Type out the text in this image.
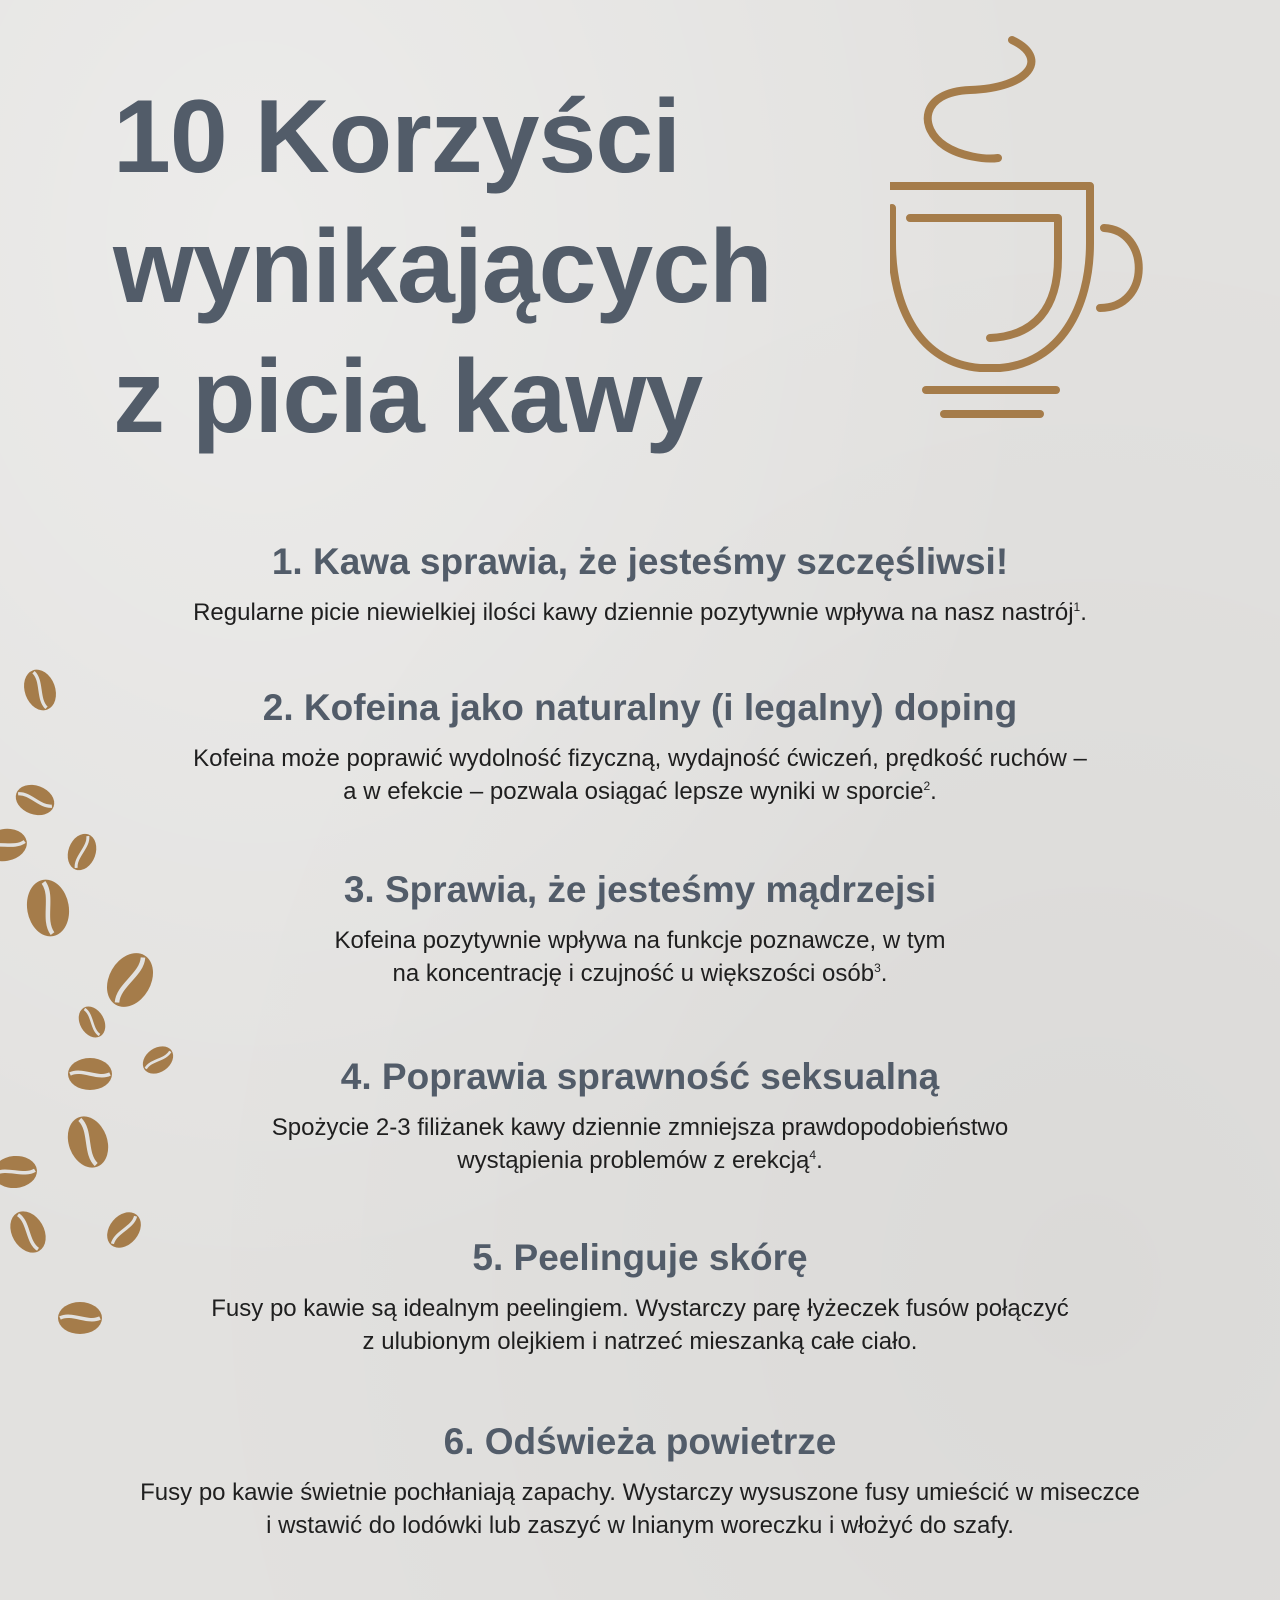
10 Korzyści
wynikających
z picia kawy
1. Kawa sprawia, że jesteśmy szczęśliwsi!

Regularne picie niewielkiej ilości kawy dziennie pozytywnie wpływa na nasz nastrój$^1$.

2. Kofeina jako naturalny (i legalny) doping

Kofeina może poprawić wydolność fizyczną, wydajność ćwiczeń, prędkość ruchów –
a w efekcie – pozwala osiągać lepsze wyniki w sporcie$^2$.

3. Sprawia, że jesteśmy mądrzejsi

Kofeina pozytywnie wpływa na funkcje poznawcze, w tym
na koncentrację i czujność u większości osób$^3$.

4. Poprawia sprawność seksualną

Spożycie 2-3 filiżanek kawy dziennie zmniejsza prawdopodobieństwo
wystąpienia problemów z erekcją$^4$.

5. Peelinguje skórę

Fusy po kawie są idealnym peelingiem. Wystarczy parę łyżeczek fusów połączyć
z ulubionym olejkiem i natrzeć mieszanką całe ciało.

6. Odświeża powietrze

Fusy po kawie świetnie pochłaniają zapachy. Wystarczy wysuszone fusy umieścić w miseczce
i wstawić do lodówki lub zaszyć w lnianym woreczku i włożyć do szafy.
